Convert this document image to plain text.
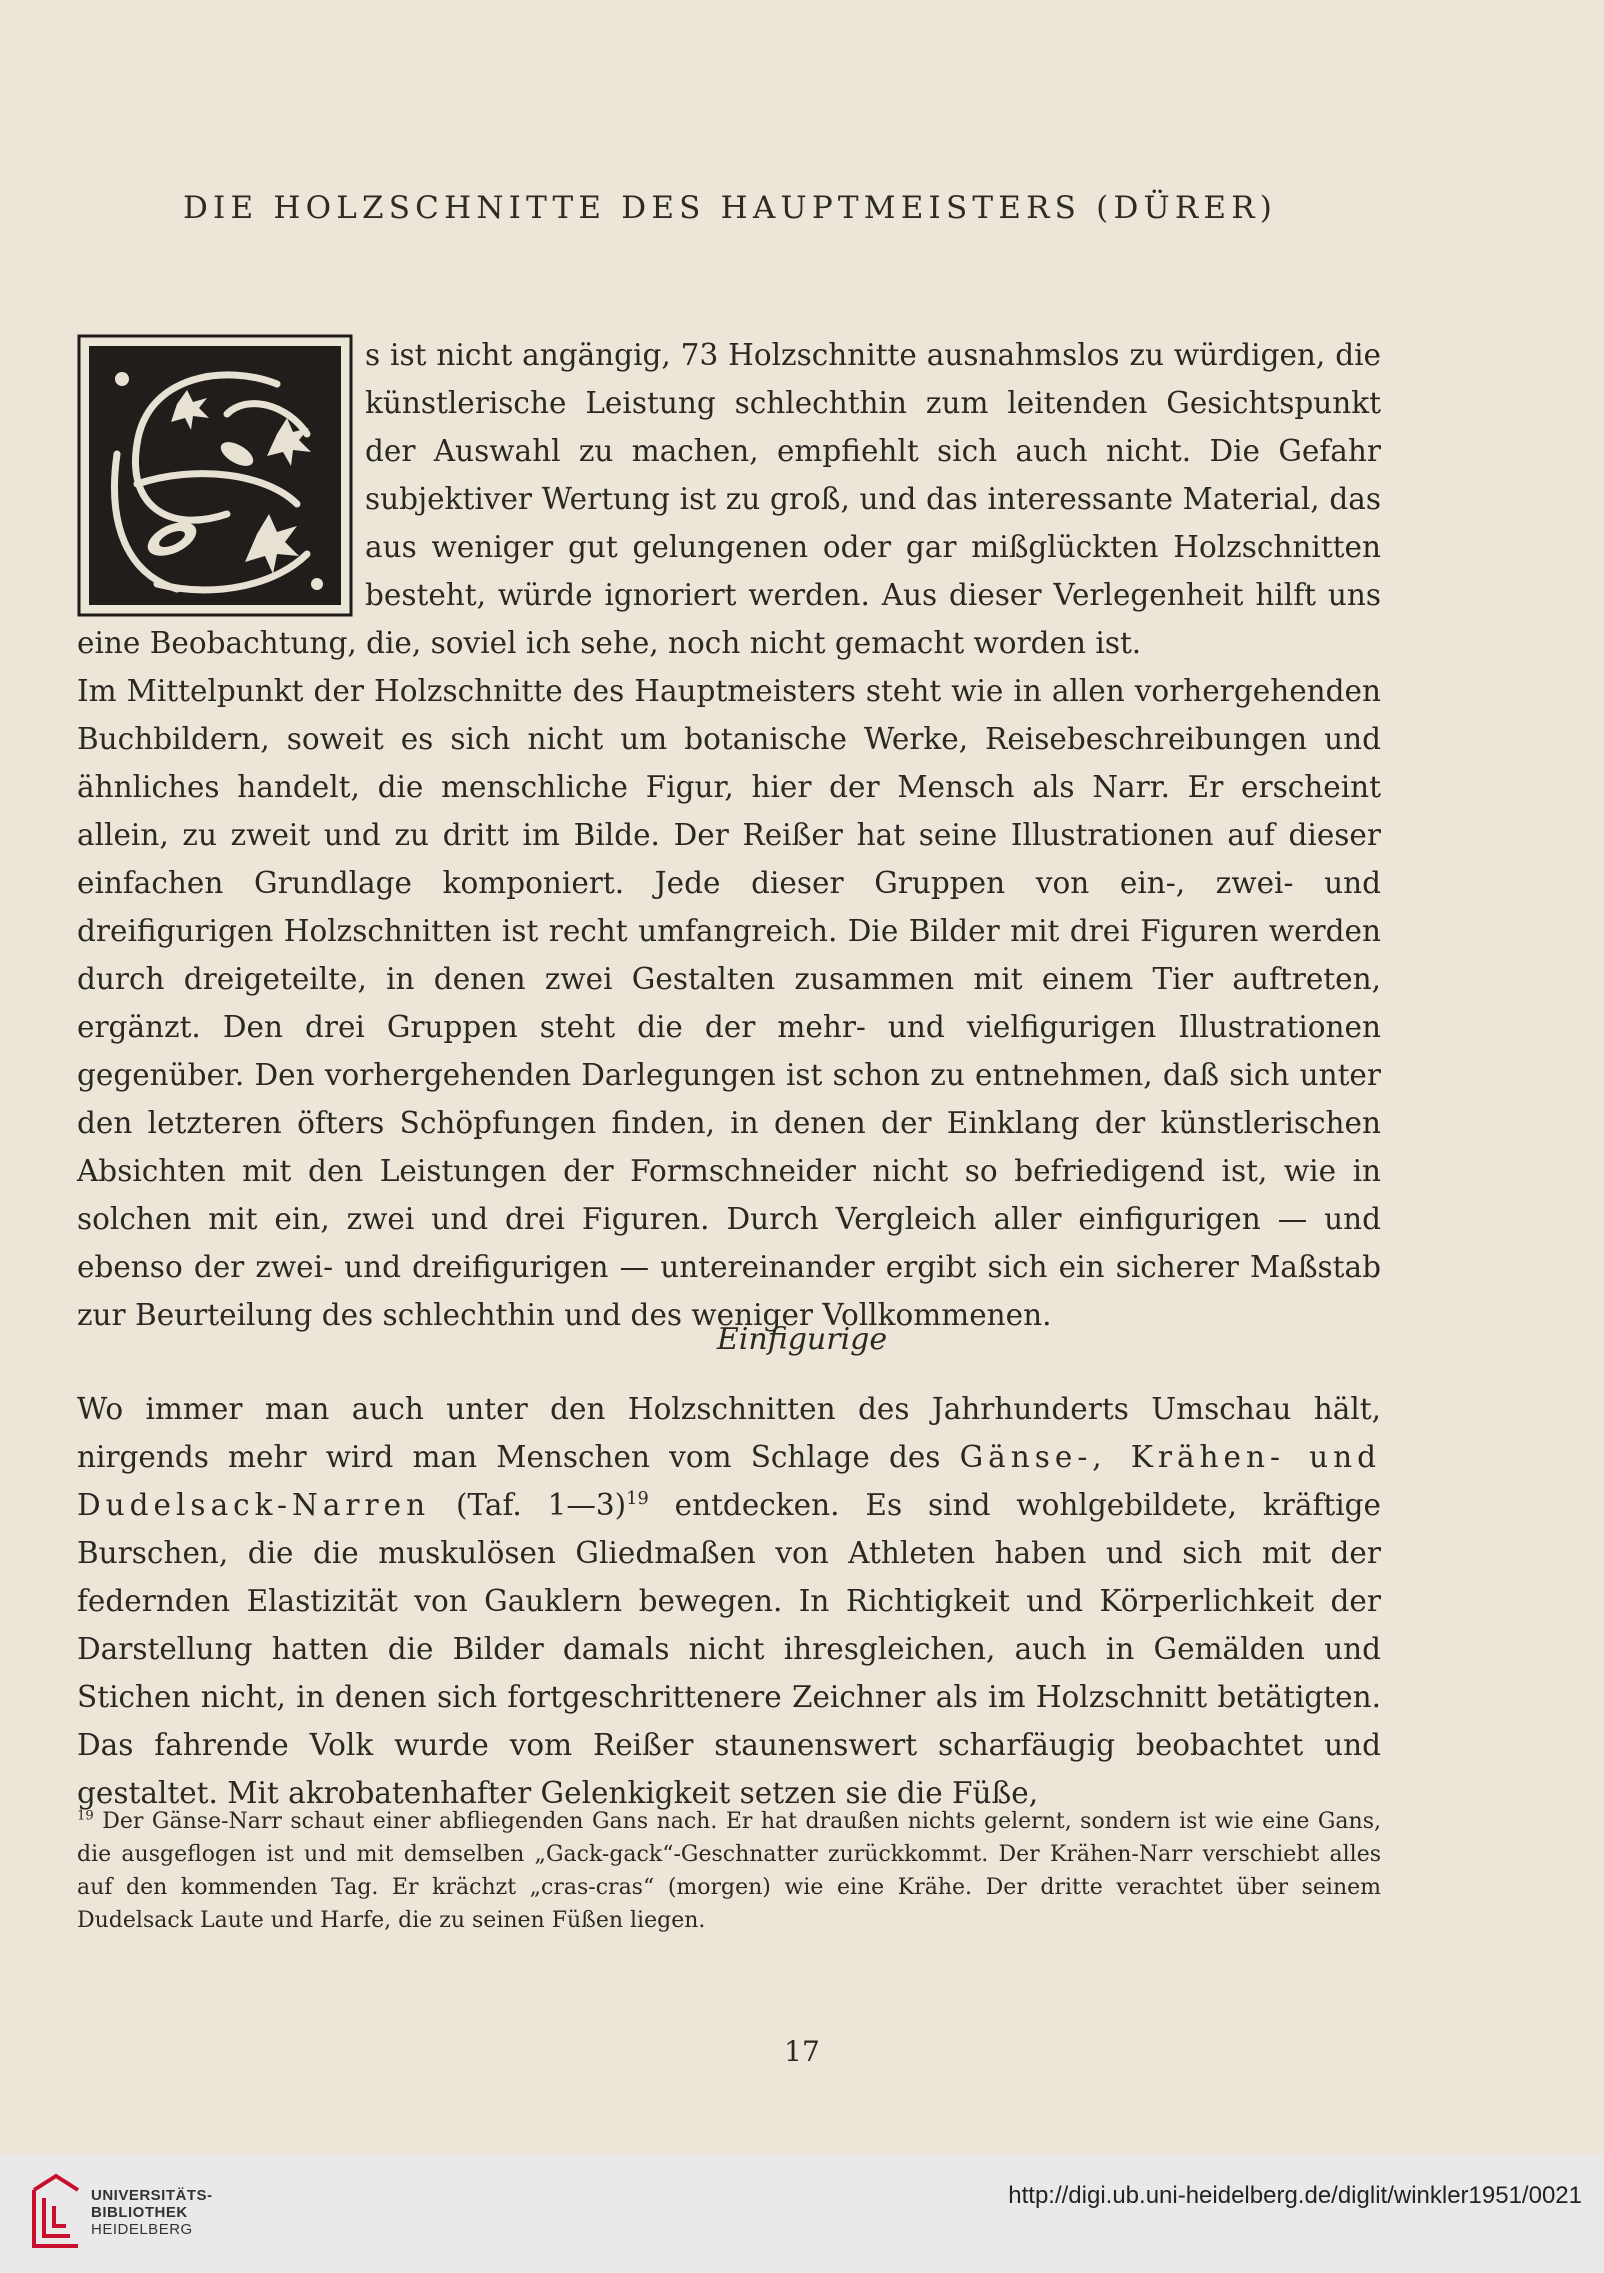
DIE HOLZSCHNITTE DES HAUPTMEISTERS (DÜRER)

s ist nicht angängig, 73 Holzschnitte ausnahmslos zu würdigen, die künstlerische Leistung schlechthin zum leitenden Gesichtspunkt der Auswahl zu machen, empfiehlt sich auch nicht. Die Gefahr subjektiver Wertung ist zu groß, und das interessante Material, das aus weniger gut gelungenen oder gar mißglückten Holzschnitten besteht, würde ignoriert werden. Aus dieser Verlegenheit hilft uns eine Beobachtung, die, soviel ich sehe, noch nicht gemacht worden ist.

Im Mittelpunkt der Holzschnitte des Hauptmeisters steht wie in allen vorhergehenden Buchbildern, soweit es sich nicht um botanische Werke, Reisebeschreibungen und ähnliches handelt, die menschliche Figur, hier der Mensch als Narr. Er erscheint allein, zu zweit und zu dritt im Bilde. Der Reißer hat seine Illustrationen auf dieser einfachen Grundlage komponiert. Jede dieser Gruppen von ein-, zwei- und dreifigurigen Holzschnitten ist recht umfangreich. Die Bilder mit drei Figuren werden durch dreigeteilte, in denen zwei Gestalten zusammen mit einem Tier auftreten, ergänzt. Den drei Gruppen steht die der mehr- und vielfigurigen Illustrationen gegenüber. Den vorhergehenden Darlegungen ist schon zu entnehmen, daß sich unter den letzteren öfters Schöpfungen finden, in denen der Einklang der künstlerischen Absichten mit den Leistungen der Formschneider nicht so befriedigend ist, wie in solchen mit ein, zwei und drei Figuren. Durch Vergleich aller einfigurigen — und ebenso der zwei- und dreifigurigen — untereinander ergibt sich ein sicherer Maßstab zur Beurteilung des schlechthin und des weniger Vollkommenen.

Einfigurige
Wo immer man auch unter den Holzschnitten des Jahrhunderts Umschau hält, nirgends mehr wird man Menschen vom Schlage des Gänse-, Krähen- und Dudelsack-Narren (Taf. 1—3)$^{19}$ entdecken. Es sind wohlgebildete, kräftige Burschen, die die muskulösen Gliedmaßen von Athleten haben und sich mit der federnden Elastizität von Gauklern bewegen. In Richtigkeit und Körperlichkeit der Darstellung hatten die Bilder damals nicht ihresgleichen, auch in Gemälden und Stichen nicht, in denen sich fortgeschrittenere Zeichner als im Holzschnitt betätigten. Das fahrende Volk wurde vom Reißer staunenswert scharfäugig beobachtet und gestaltet. Mit akrobatenhafter Gelenkigkeit setzen sie die Füße,
$^{19}$ Der Gänse-Narr schaut einer abfliegenden Gans nach. Er hat draußen nichts gelernt, sondern ist wie eine Gans, die ausgeflogen ist und mit demselben „Gack-gack“-Geschnatter zurückkommt. Der Krähen-Narr verschiebt alles auf den kommenden Tag. Er krächzt „cras-cras“ (morgen) wie eine Krähe. Der dritte verachtet über seinem Dudelsack Laute und Harfe, die zu seinen Füßen liegen.
17
UNIVERSITÄTS-
BIBLIOTHEK
HEIDELBERG
http://digi.ub.uni-heidelberg.de/diglit/winkler1951/0021
